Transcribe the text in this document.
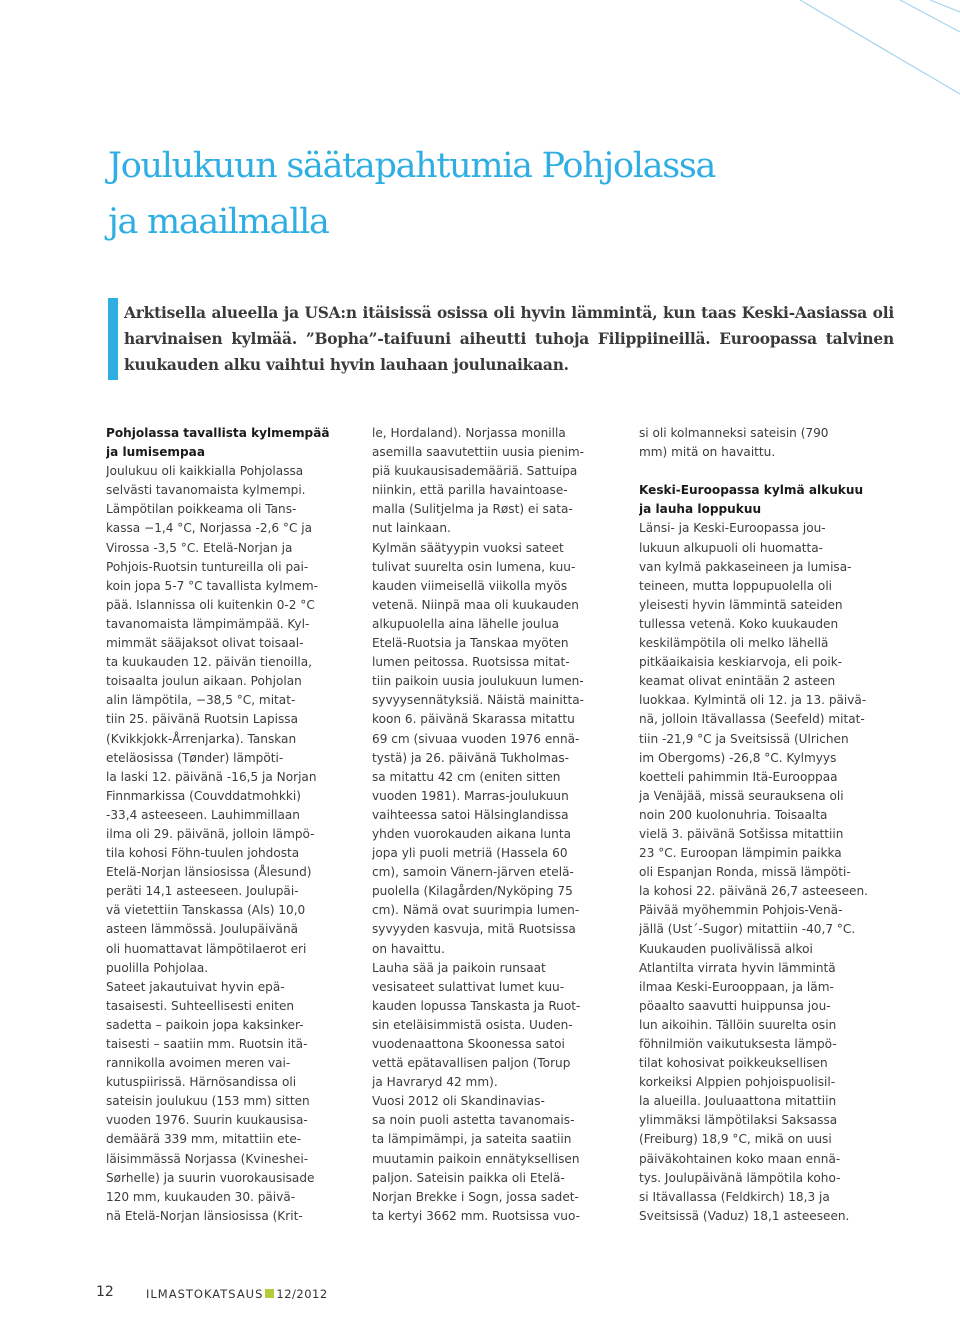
Joulukuun säätapahtumia Pohjolassa
ja maailmalla

Arktisella alueella ja USA:n itäisissä osissa oli hyvin lämmintä, kun taas Keski-Aasiassa oli harvinaisen kylmää. ”Bopha”-taifuuni aiheutti tuhoja Filippiineillä. Euroopassa talvinen kuukauden alku vaihtui hyvin lauhaan joulunaikaan.

Pohjolassa tavallista kylmempää
ja lumisempaa
Joulukuu oli kaikkialla Pohjolassa
selvästi tavanomaista kylmempi.
Lämpötilan poikkeama oli Tans-
kassa −1,4 °C, Norjassa -2,6 °C ja
Virossa -3,5 °C. Etelä-Norjan ja
Pohjois-Ruotsin tuntureilla oli pai-
koin jopa 5-7 °C tavallista kylmem-
pää. Islannissa oli kuitenkin 0-2 °C
tavanomaista lämpimämpää. Kyl-
mimmät sääjaksot olivat toisaal-
ta kuukauden 12. päivän tienoilla,
toisaalta joulun aikaan. Pohjolan
alin lämpötila, −38,5 °C, mitat-
tiin 25. päivänä Ruotsin Lapissa
(Kvikkjokk-Årrenjarka). Tanskan
eteläosissa (Tønder) lämpöti-
la laski 12. päivänä -16,5 ja Norjan
Finnmarkissa (Couvddatmohkki)
-33,4 asteeseen. Lauhimmillaan
ilma oli 29. päivänä, jolloin lämpö-
tila kohosi Föhn-tuulen johdosta
Etelä-Norjan länsiosissa (Ålesund)
peräti 14,1 asteeseen. Joulupäi-
vä vietettiin Tanskassa (Als) 10,0
asteen lämmössä. Joulupäivänä
oli huomattavat lämpötilaerot eri
puolilla Pohjolaa.
Sateet jakautuivat hyvin epä-
tasaisesti. Suhteellisesti eniten
sadetta – paikoin jopa kaksinker-
taisesti – saatiin mm. Ruotsin itä-
rannikolla avoimen meren vai-
kutuspiirissä. Härnösandissa oli
sateisin joulukuu (153 mm) sitten
vuoden 1976. Suurin kuukausisa-
demäärä 339 mm, mitattiin ete-
läisimmässä Norjassa (Kvineshei-
Sørhelle) ja suurin vuorokausisade
120 mm, kuukauden 30. päivä-
nä Etelä-Norjan länsiosissa (Krit-
le, Hordaland). Norjassa monilla
asemilla saavutettiin uusia pienim-
piä kuukausisademääriä. Sattuipa
niinkin, että parilla havaintoase-
malla (Sulitjelma ja Røst) ei sata-
nut lainkaan.
Kylmän säätyypin vuoksi sateet
tulivat suurelta osin lumena, kuu-
kauden viimeisellä viikolla myös
vetenä. Niinpä maa oli kuukauden
alkupuolella aina lähelle joulua
Etelä-Ruotsia ja Tanskaa myöten
lumen peitossa. Ruotsissa mitat-
tiin paikoin uusia joulukuun lumen-
syvyysennätyksiä. Näistä mainitta-
koon 6. päivänä Skarassa mitattu
69 cm (sivuaa vuoden 1976 ennä-
tystä) ja 26. päivänä Tukholmas-
sa mitattu 42 cm (eniten sitten
vuoden 1981). Marras-joulukuun
vaihteessa satoi Hälsinglandissa
yhden vuorokauden aikana lunta
jopa yli puoli metriä (Hassela 60
cm), samoin Vänern-järven etelä-
puolella (Kilagården/Nyköping 75
cm). Nämä ovat suurimpia lumen-
syvyyden kasvuja, mitä Ruotsissa
on havaittu.
Lauha sää ja paikoin runsaat
vesisateet sulattivat lumet kuu-
kauden lopussa Tanskasta ja Ruot-
sin eteläisimmistä osista. Uuden-
vuodenaattona Skoonessa satoi
vettä epätavallisen paljon (Torup
ja Havraryd 42 mm).
Vuosi 2012 oli Skandinavias-
sa noin puoli astetta tavanomais-
ta lämpimämpi, ja sateita saatiin
muutamin paikoin ennätyksellisen
paljon. Sateisin paikka oli Etelä-
Norjan Brekke i Sogn, jossa sadet-
ta kertyi 3662 mm. Ruotsissa vuo-
si oli kolmanneksi sateisin (790
mm) mitä on havaittu.
Keski-Euroopassa kylmä alkukuu
ja lauha loppukuu
Länsi- ja Keski-Euroopassa jou-
lukuun alkupuoli oli huomatta-
van kylmä pakkaseineen ja lumisa-
teineen, mutta loppupuolella oli
yleisesti hyvin lämmintä sateiden
tullessa vetenä. Koko kuukauden
keskilämpötila oli melko lähellä
pitkäaikaisia keskiarvoja, eli poik-
keamat olivat enintään 2 asteen
luokkaa. Kylmintä oli 12. ja 13. päivä-
nä, jolloin Itävallassa (Seefeld) mitat-
tiin -21,9 °C ja Sveitsissä (Ulrichen
im Obergoms) -26,8 °C. Kylmyys
koetteli pahimmin Itä-Eurooppaa
ja Venäjää, missä seurauksena oli
noin 200 kuolonuhria. Toisaalta
vielä 3. päivänä Sotšissa mitattiin
23 °C. Euroopan lämpimin paikka
oli Espanjan Ronda, missä lämpöti-
la kohosi 22. päivänä 26,7 asteeseen.
Päivää myöhemmin Pohjois-Venä-
jällä (Ust´-Sugor) mitattiin -40,7 °C.
Kuukauden puolivälissä alkoi
Atlantilta virrata hyvin lämmintä
ilmaa Keski-Eurooppaan, ja läm-
pöaalto saavutti huippunsa jou-
lun aikoihin. Tällöin suurelta osin
föhnilmiön vaikutuksesta lämpö-
tilat kohosivat poikkeuksellisen
korkeiksi Alppien pohjoispuolisil-
la alueilla. Jouluaattona mitattiin
ylimmäksi lämpötilaksi Saksassa
(Freiburg) 18,9 °C, mikä on uusi
päiväkohtainen koko maan ennä-
tys. Joulupäivänä lämpötila koho-
si Itävallassa (Feldkirch) 18,3 ja
Sveitsissä (Vaduz) 18,1 asteeseen.
12	ILMASTOKATSAUS 12/2012
